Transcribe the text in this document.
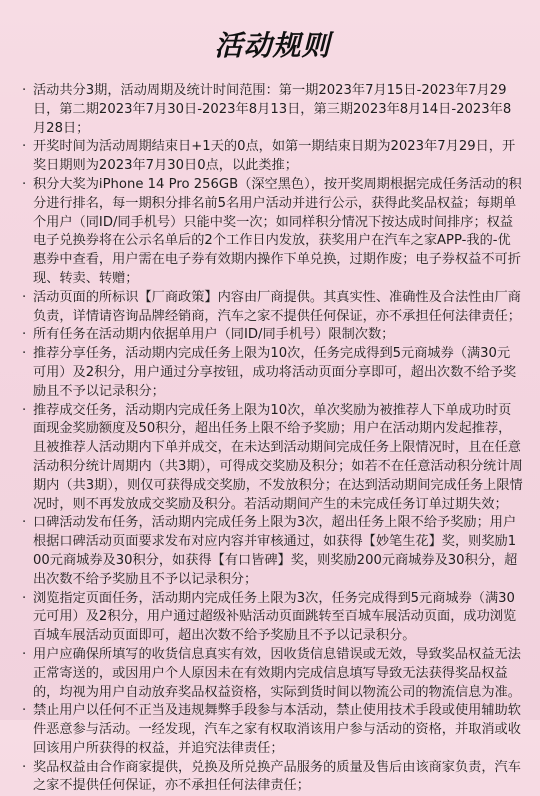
活动规则
· 活动共分3期，活动周期及统计时间范围：第一期2023年7月15日-2023年7月29日，第二期2023年7月30日-2023年8月13日，第三期2023年8月14日-2023年8月28日；
· 开奖时间为活动周期结束日+1天的0点，如第一期结束日期为2023年7月29日，开奖日期则为2023年7月30日0点，以此类推；
· 积分大奖为iPhone 14 Pro 256GB（深空黑色），按开奖周期根据完成任务活动的积分进行排名，每一期积分排名前5名用户活动并进行公示，获得此奖品权益；每期单个用户（同ID/同手机号）只能中奖一次；如同样积分情况下按达成时间排序；权益电子兑换券将在公示名单后的2个工作日内发放，获奖用户在汽车之家APP-我的-优惠券中查看，用户需在电子券有效期内操作下单兑换，过期作废；电子券权益不可折现、转卖、转赠；
· 活动页面的所标识【厂商政策】内容由厂商提供。其真实性、准确性及合法性由厂商负责，详情请咨询品牌经销商，汽车之家不提供任何保证，亦不承担任何法律责任；
· 所有任务在活动期内依据单用户（同ID/同手机号）限制次数；
· 推荐分享任务，活动期内完成任务上限为10次，任务完成得到5元商城券（满30元可用）及2积分，用户通过分享按钮，成功将活动页面分享即可，超出次数不给予奖励且不予以记录积分；
· 推荐成交任务，活动期内完成任务上限为10次，单次奖励为被推荐人下单成功时页面现金奖励额度及50积分，超出任务上限不给予奖励；用户在活动期内发起推荐，且被推荐人活动期内下单并成交，在未达到活动期间完成任务上限情况时，且在任意活动积分统计周期内（共3期），可得成交奖励及积分；如若不在任意活动积分统计周期内（共3期），则仅可获得成交奖励，不发放积分；在达到活动期间完成任务上限情况时，则不再发放成交奖励及积分。若活动期间产生的未完成任务订单过期失效；
· 口碑活动发布任务，活动期内完成任务上限为3次，超出任务上限不给予奖励；用户根据口碑活动页面要求发布对应内容并审核通过，如获得【妙笔生花】奖，则奖励100元商城券及30积分，如获得【有口皆碑】奖，则奖励200元商城券及30积分，超出次数不给予奖励且不予以记录积分；
· 浏览指定页面任务，活动期内完成任务上限为3次，任务完成得到5元商城券（满30元可用）及2积分，用户通过超级补贴活动页面跳转至百城车展活动页面，成功浏览百城车展活动页面即可，超出次数不给予奖励且不予以记录积分。
· 用户应确保所填写的收货信息真实有效，因收货信息错误或无效，导致奖品权益无法正常寄送的，或因用户个人原因未在有效期内完成信息填写导致无法获得奖品权益的，均视为用户自动放弃奖品权益资格，实际到货时间以物流公司的物流信息为准。
· 禁止用户以任何不正当及违规舞弊手段参与本活动，禁止使用技术手段或使用辅助软件恶意参与活动。一经发现，汽车之家有权取消该用户参与活动的资格，并取消或收回该用户所获得的权益，并追究法律责任；
· 奖品权益由合作商家提供，兑换及所兑换产品服务的质量及售后由该商家负责，汽车之家不提供任何保证，亦不承担任何法律责任；
